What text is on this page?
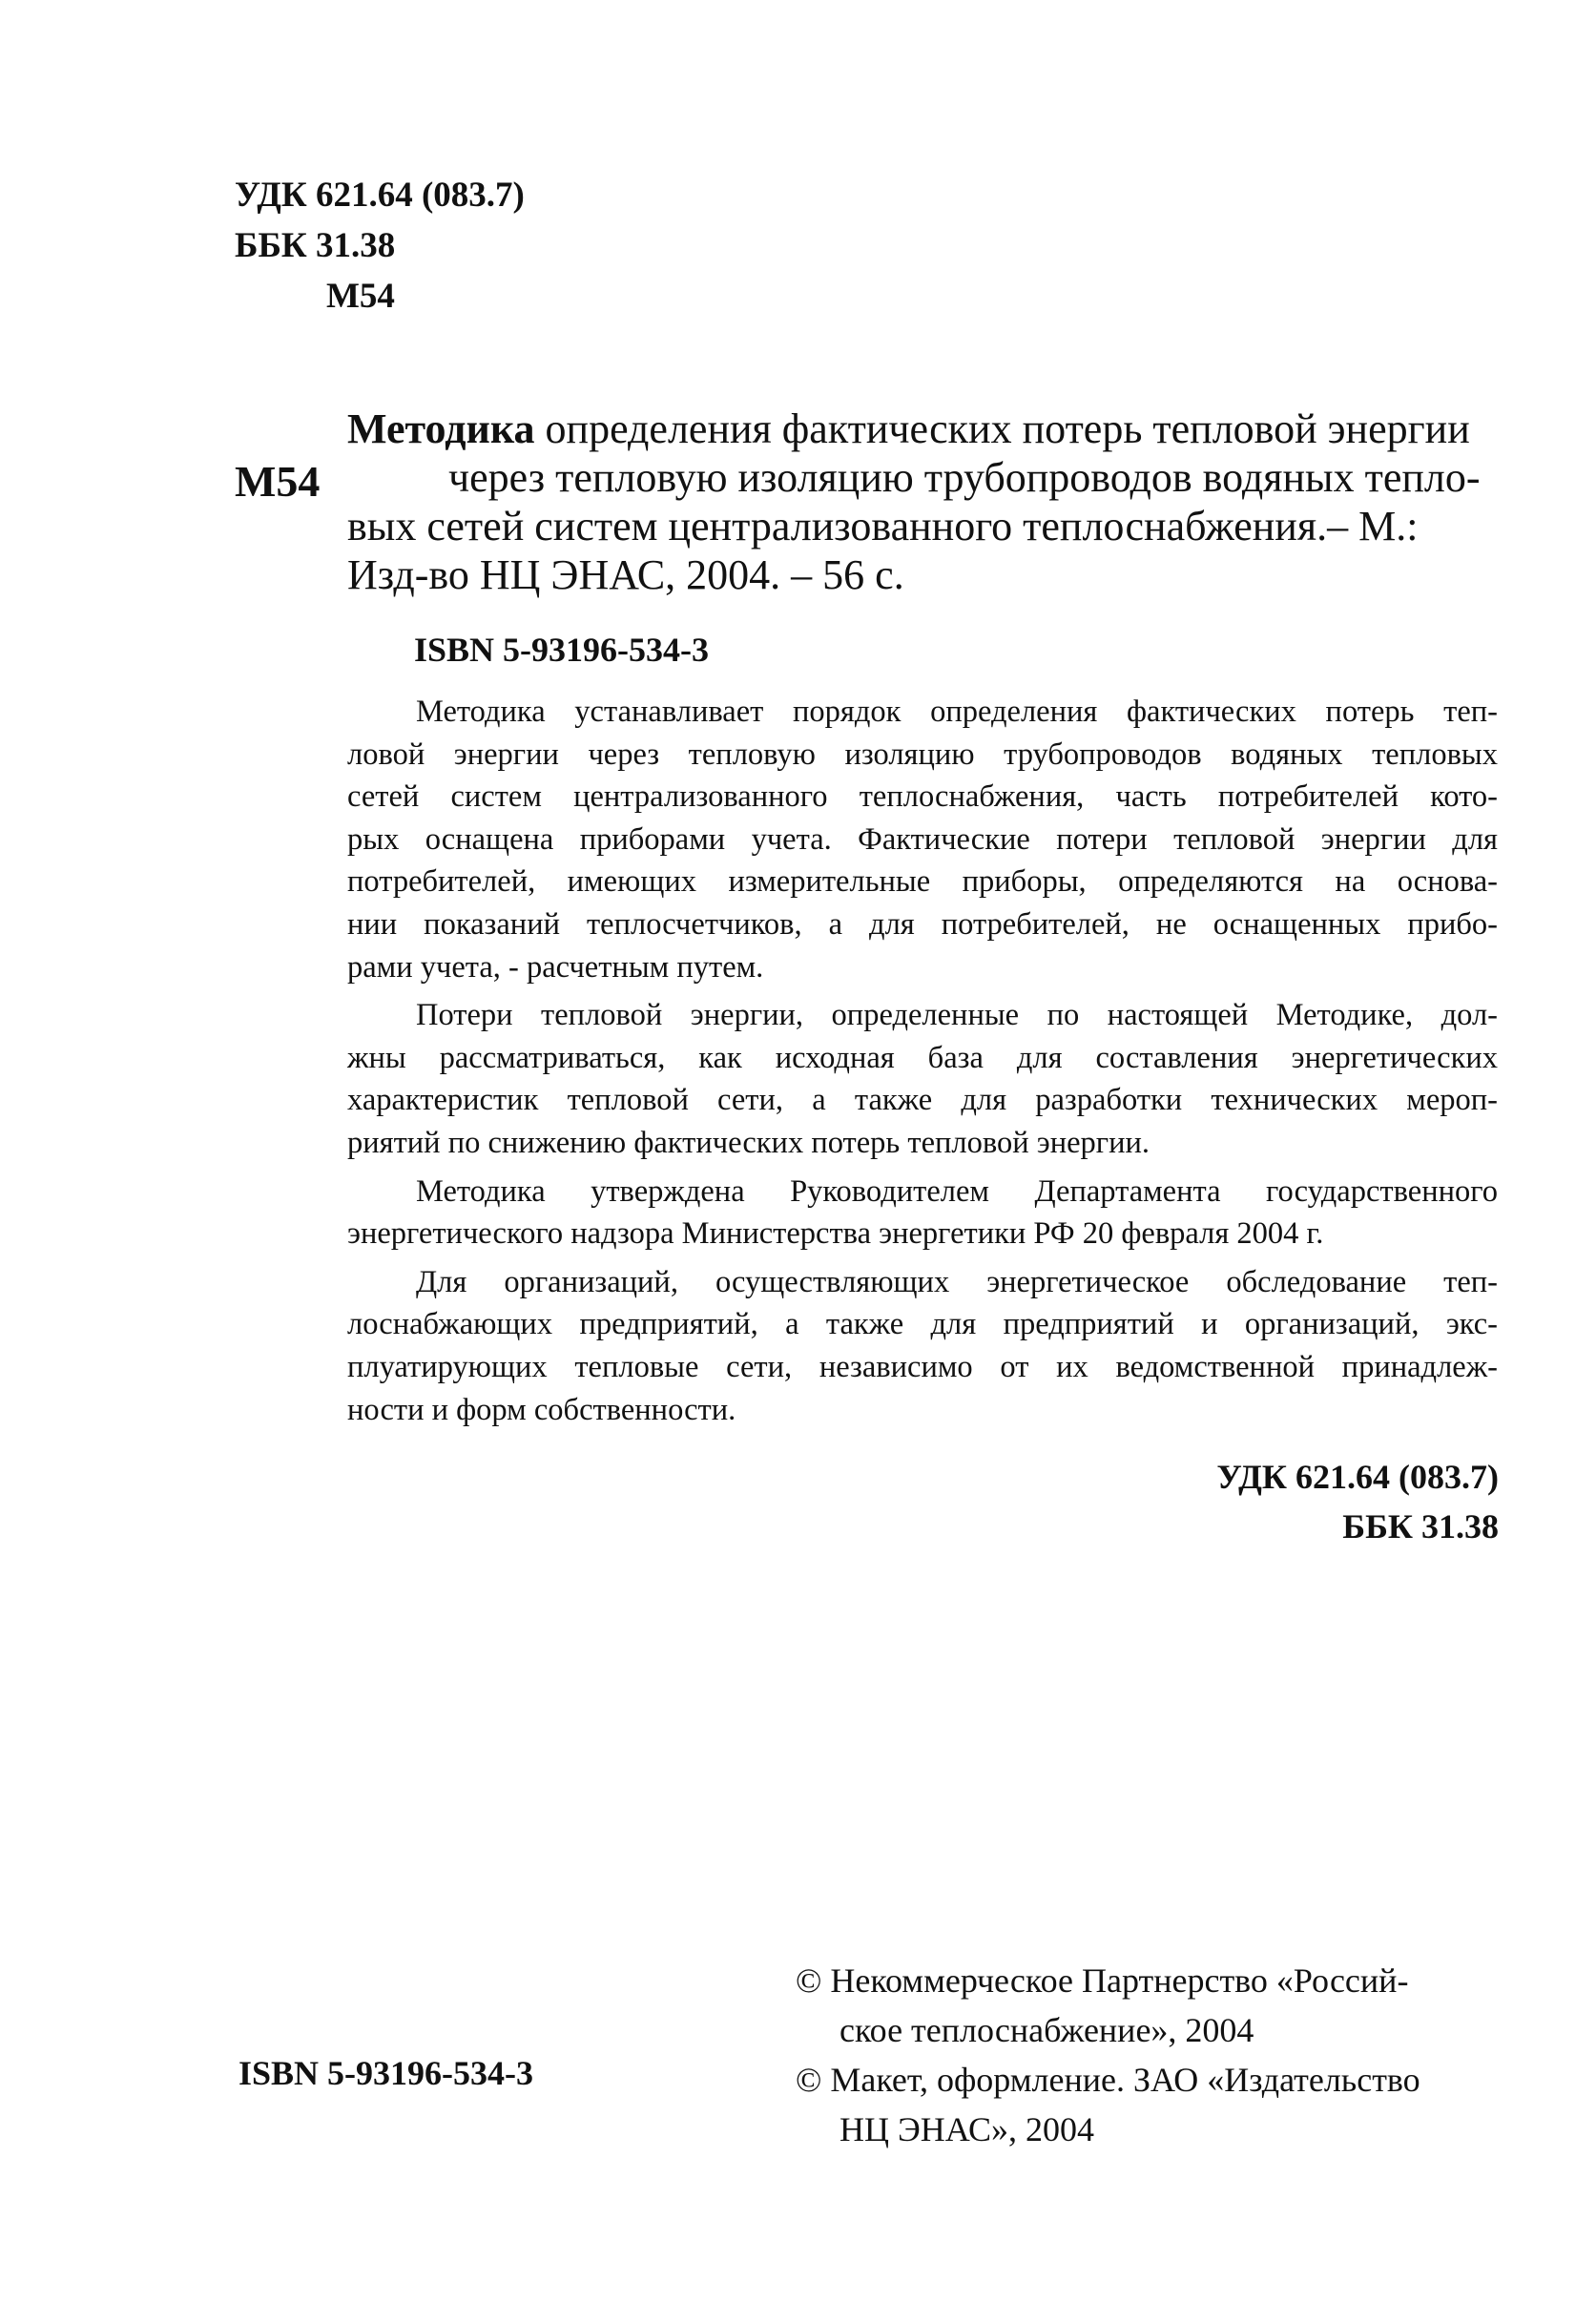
УДК 621.64 (083.7)
ББК 31.38
М54
М54
Методика определения фактических потерь тепловой энергии
через тепловую изоляцию трубопроводов водяных тепло-
вых сетей систем централизованного теплоснабжения.– М.:
Изд-во НЦ ЭНАС, 2004. – 56 с.
ISBN 5-93196-534-3

Методика устанавливает порядок определения фактических потерь теп-
ловой энергии через тепловую изоляцию трубопроводов водяных тепловых
сетей систем централизованного теплоснабжения, часть потребителей кото-
рых оснащена приборами учета. Фактические потери тепловой энергии для
потребителей, имеющих измерительные приборы, определяются на основа-
нии показаний теплосчетчиков, а для потребителей, не оснащенных прибо-
рами учета, - расчетным путем.

Потери тепловой энергии, определенные по настоящей Методике, дол-
жны рассматриваться, как исходная база для составления энергетических
характеристик тепловой сети, а также для разработки технических мероп-
риятий по снижению фактических потерь тепловой энергии.

Методика утверждена Руководителем Департамента государственного
энергетического надзора Министерства энергетики РФ 20 февраля 2004 г.

Для организаций, осуществляющих энергетическое обследование теп-
лоснабжающих предприятий, а также для предприятий и организаций, экс-
плуатирующих тепловые сети, независимо от их ведомственной принадлеж-
ности и форм собственности.

УДК 621.64 (083.7)
ББК 31.38
ISBN 5-93196-534-3
© Некоммерческое Партнерство «Россий-
ское теплоснабжение», 2004
© Макет, оформление. ЗАО «Издательство
НЦ ЭНАС», 2004
